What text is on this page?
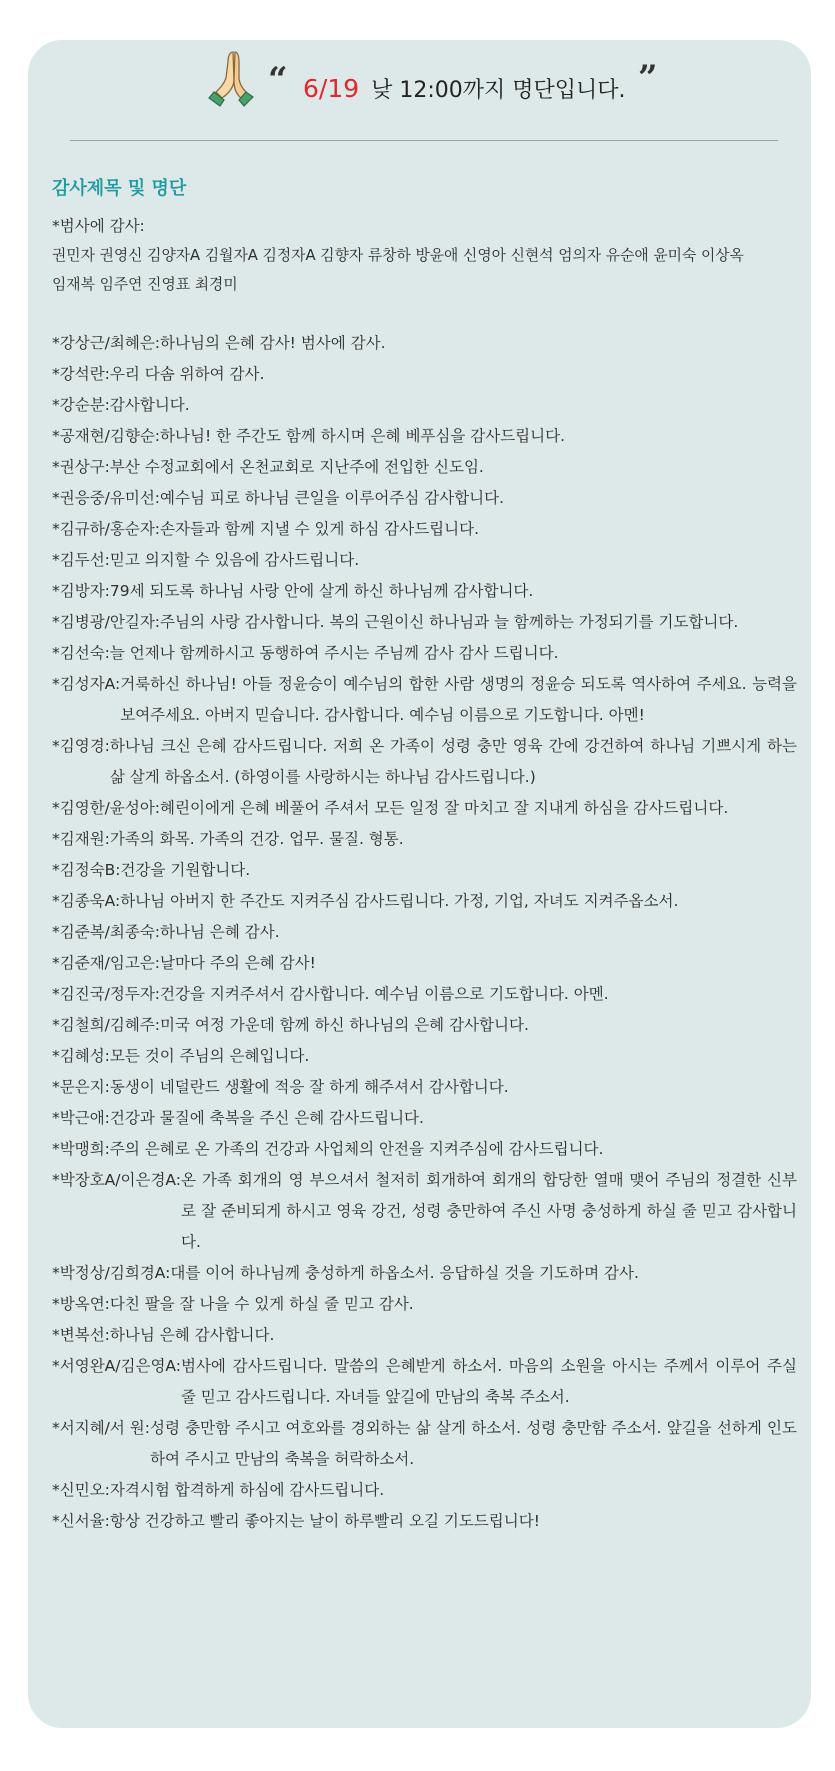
“ 6/19 낮 12:00까지 명단입니다. ”
감사제목 및 명단
*범사에 감사:
권민자 권영신 김양자A 김월자A 김정자A 김향자 류창하 방윤애 신영아 신현석 엄의자 유순애 윤미숙 이상옥
임재복 임주연 진영표 최경미
*강상근/최혜은: 하나님의 은혜 감사! 범사에 감사.
*강석란: 우리 다솜 위하여 감사.
*강순분: 감사합니다.
*공재현/김향순: 하나님! 한 주간도 함께 하시며 은혜 베푸심을 감사드립니다.
*권상구: 부산 수정교회에서 온천교회로 지난주에 전입한 신도임.
*권응중/유미선: 예수님 피로 하나님 큰일을 이루어주심 감사합니다.
*김규하/홍순자: 손자들과 함께 지낼 수 있게 하심 감사드립니다.
*김두선: 믿고 의지할 수 있음에 감사드립니다.
*김방자: 79세 되도록 하나님 사랑 안에 살게 하신 하나님께 감사합니다.
*김병광/안길자: 주님의 사랑 감사합니다. 복의 근원이신 하나님과 늘 함께하는 가정되기를 기도합니다.
*김선숙: 늘 언제나 함께하시고 동행하여 주시는 주님께 감사 감사 드립니다.
*김성자A: 거룩하신 하나님! 아들 정윤승이 예수님의 합한 사람 생명의 정윤승 되도록 역사하여 주세요. 능력을 보여주세요. 아버지 믿습니다. 감사합니다. 예수님 이름으로 기도합니다. 아멘!
*김영경: 하나님 크신 은혜 감사드립니다. 저희 온 가족이 성령 충만 영육 간에 강건하여 하나님 기쁘시게 하는 삶 살게 하옵소서. (하영이를 사랑하시는 하나님 감사드립니다.)
*김영한/윤성아: 혜린이에게 은혜 베풀어 주셔서 모든 일정 잘 마치고 잘 지내게 하심을 감사드립니다.
*김재원: 가족의 화목. 가족의 건강. 업무. 물질. 형통.
*김정숙B: 건강을 기원합니다.
*김종욱A: 하나님 아버지 한 주간도 지켜주심 감사드립니다. 가정, 기업, 자녀도 지켜주옵소서.
*김준복/최종숙: 하나님 은혜 감사.
*김준재/임고은: 날마다 주의 은혜 감사!
*김진국/정두자: 건강을 지켜주셔서 감사합니다. 예수님 이름으로 기도합니다. 아멘.
*김철희/김혜주: 미국 여정 가운데 함께 하신 하나님의 은혜 감사합니다.
*김혜성: 모든 것이 주님의 은혜입니다.
*문은지: 동생이 네덜란드 생활에 적응 잘 하게 해주셔서 감사합니다.
*박근애: 건강과 물질에 축복을 주신 은혜 감사드립니다.
*박맹희: 주의 은혜로 온 가족의 건강과 사업체의 안전을 지켜주심에 감사드립니다.
*박장호A/이은경A: 온 가족 회개의 영 부으셔서 철저히 회개하여 회개의 합당한 열매 맺어 주님의 정결한 신부로 잘 준비되게 하시고 영육 강건, 성령 충만하여 주신 사명 충성하게 하실 줄 믿고 감사합니다.
*박정상/김희경A: 대를 이어 하나님께 충성하게 하옵소서. 응답하실 것을 기도하며 감사.
*방옥연: 다친 팔을 잘 나을 수 있게 하실 줄 믿고 감사.
*변복선: 하나님 은혜 감사합니다.
*서영완A/김은영A: 범사에 감사드립니다. 말씀의 은혜받게 하소서. 마음의 소원을 아시는 주께서 이루어 주실 줄 믿고 감사드립니다. 자녀들 앞길에 만남의 축복 주소서.
*서지혜/서 원: 성령 충만함 주시고 여호와를 경외하는 삶 살게 하소서. 성령 충만함 주소서. 앞길을 선하게 인도하여 주시고 만남의 축복을 허락하소서.
*신민오: 자격시험 합격하게 하심에 감사드립니다.
*신서율: 항상 건강하고 빨리 좋아지는 날이 하루빨리 오길 기도드립니다!
